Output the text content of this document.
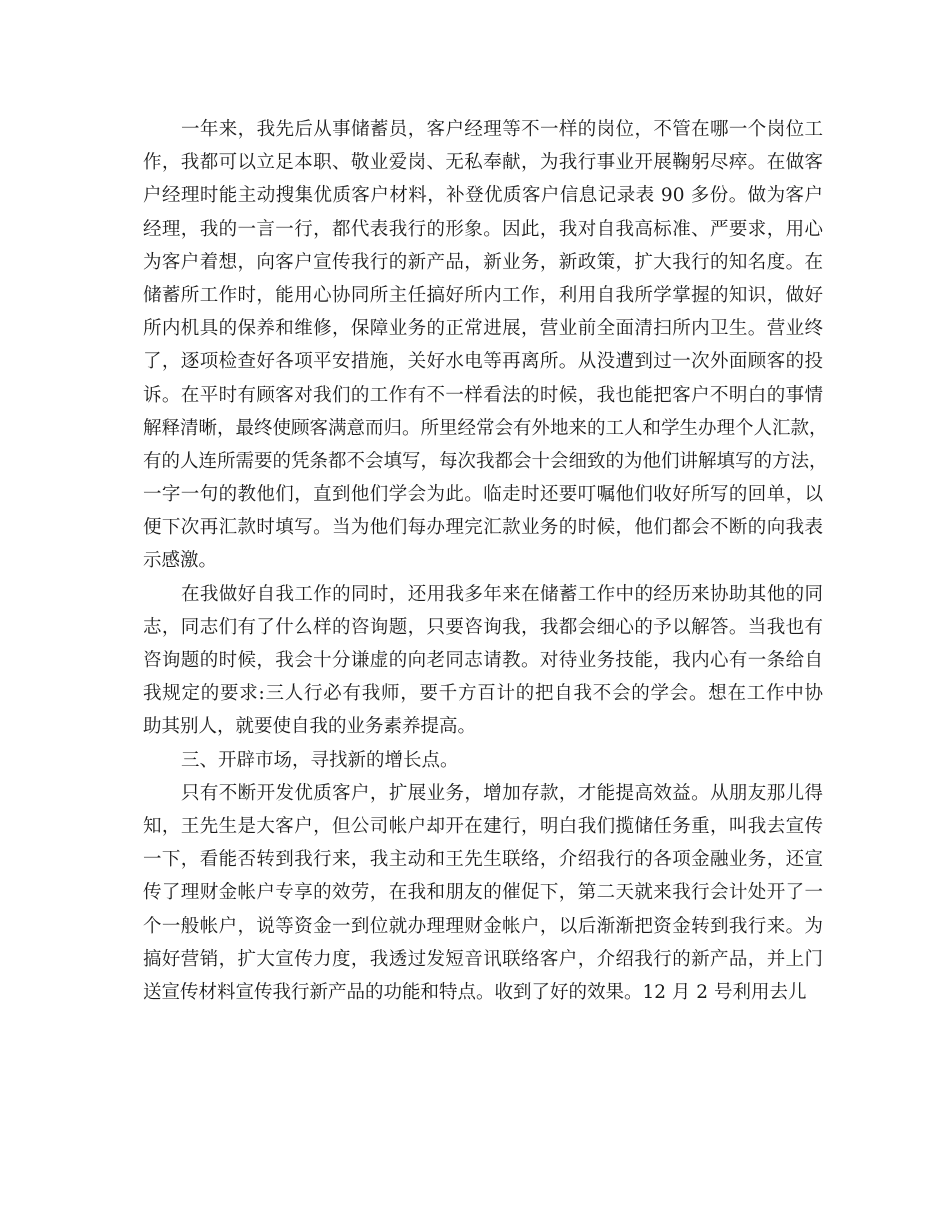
一年来，我先后从事储蓄员，客户经理等不一样的岗位，不管在哪一个岗位工
作，我都可以立足本职、敬业爱岗、无私奉献，为我行事业开展鞠躬尽瘁。在做客
户经理时能主动搜集优质客户材料，补登优质客户信息记录表 90 多份。做为客户
经理，我的一言一行，都代表我行的形象。因此，我对自我高标准、严要求，用心
为客户着想，向客户宣传我行的新产品，新业务，新政策，扩大我行的知名度。在
储蓄所工作时，能用心协同所主任搞好所内工作，利用自我所学掌握的知识，做好
所内机具的保养和维修，保障业务的正常进展，营业前全面清扫所内卫生。营业终
了，逐项检查好各项平安措施，关好水电等再离所。从没遭到过一次外面顾客的投
诉。在平时有顾客对我们的工作有不一样看法的时候，我也能把客户不明白的事情
解释清晰，最终使顾客满意而归。所里经常会有外地来的工人和学生办理个人汇款，
有的人连所需要的凭条都不会填写，每次我都会十会细致的为他们讲解填写的方法，
一字一句的教他们，直到他们学会为此。临走时还要叮嘱他们收好所写的回单，以
便下次再汇款时填写。当为他们每办理完汇款业务的时候，他们都会不断的向我表
示感激。
在我做好自我工作的同时，还用我多年来在储蓄工作中的经历来协助其他的同
志，同志们有了什么样的咨询题，只要咨询我，我都会细心的予以解答。当我也有
咨询题的时候，我会十分谦虚的向老同志请教。对待业务技能，我内心有一条给自
我规定的要求:三人行必有我师，要千方百计的把自我不会的学会。想在工作中协
助其别人，就要使自我的业务素养提高。
三、开辟市场，寻找新的增长点。
只有不断开发优质客户，扩展业务，增加存款，才能提高效益。从朋友那儿得
知，王先生是大客户，但公司帐户却开在建行，明白我们揽储任务重，叫我去宣传
一下，看能否转到我行来，我主动和王先生联络，介绍我行的各项金融业务，还宣
传了理财金帐户专享的效劳，在我和朋友的催促下，第二天就来我行会计处开了一
个一般帐户，说等资金一到位就办理理财金帐户，以后渐渐把资金转到我行来。为
搞好营销，扩大宣传力度，我透过发短音讯联络客户，介绍我行的新产品，并上门
送宣传材料宣传我行新产品的功能和特点。收到了好的效果。12 月 2 号利用去儿
